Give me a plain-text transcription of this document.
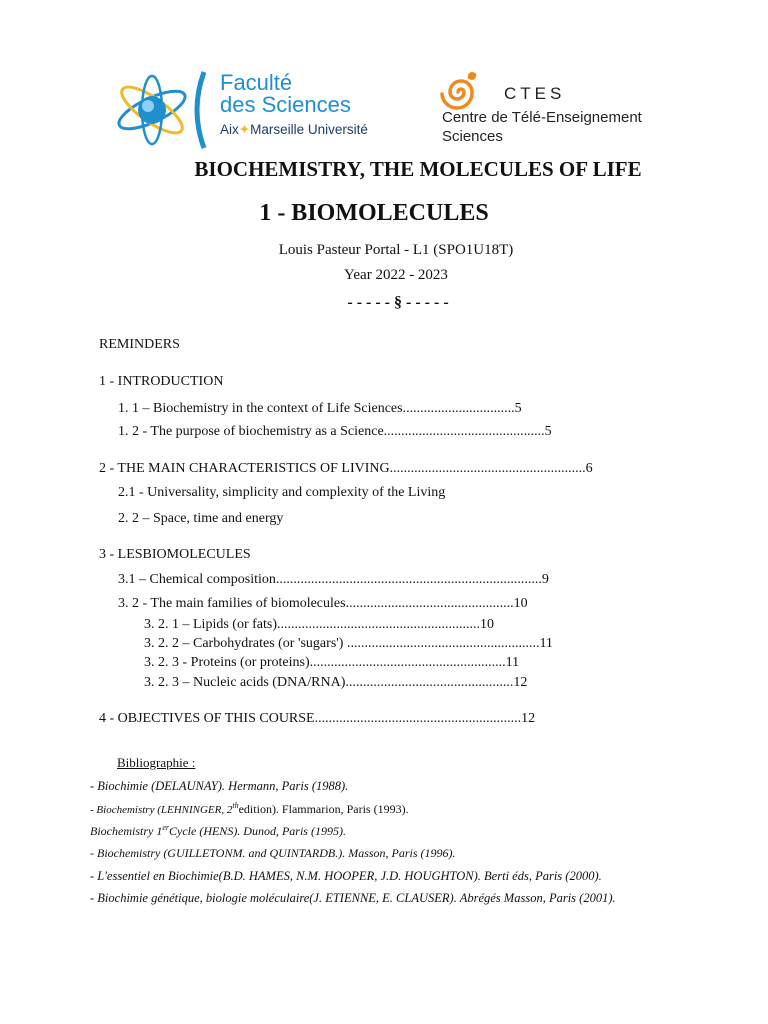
Faculté
des Sciences
Aix✦Marseille Université
CTES
Centre de Télé-Enseignement
Sciences
BIOCHEMISTRY, THE MOLECULES OF LIFE
1 - BIOMOLECULES
Louis Pasteur Portal - L1 (SPO1U18T)
Year 2022 - 2023
- - - - - § - - - - -
REMINDERS
1 - INTRODUCTION
1. 1 – Biochemistry in the context of Life Sciences................................5
1. 2 - The purpose of biochemistry as a Science..............................................5
2 - THE MAIN CHARACTERISTICS OF LIVING........................................................6
2.1 - Universality, simplicity and complexity of the Living
2. 2 – Space, time and energy
3 - LESBIOMOLECULES
3.1 – Chemical composition............................................................................9
3. 2 - The main families of biomolecules................................................10
3. 2. 1 – Lipids (or fats)..........................................................10
3. 2. 2 – Carbohydrates (or 'sugars') .......................................................11
3. 2. 3 - Proteins (or proteins)........................................................11
3. 2. 3 – Nucleic acids (DNA/RNA)................................................12
4 - OBJECTIVES OF THIS COURSE...........................................................12
Bibliographie :
- Biochimie (DELAUNAY). Hermann, Paris (1988).
- Biochemistry (LEHNINGER, 2thedition). Flammarion, Paris (1993).
Biochemistry 1erCycle (HENS). Dunod, Paris (1995).
- Biochemistry (GUILLETONM. and QUINTARDB.). Masson, Paris (1996).
- L'essentiel en Biochimie(B.D. HAMES, N.M. HOOPER, J.D. HOUGHTON). Berti éds, Paris (2000).
- Biochimie génétique, biologie moléculaire(J. ETIENNE, E. CLAUSER). Abrégés Masson, Paris (2001).
